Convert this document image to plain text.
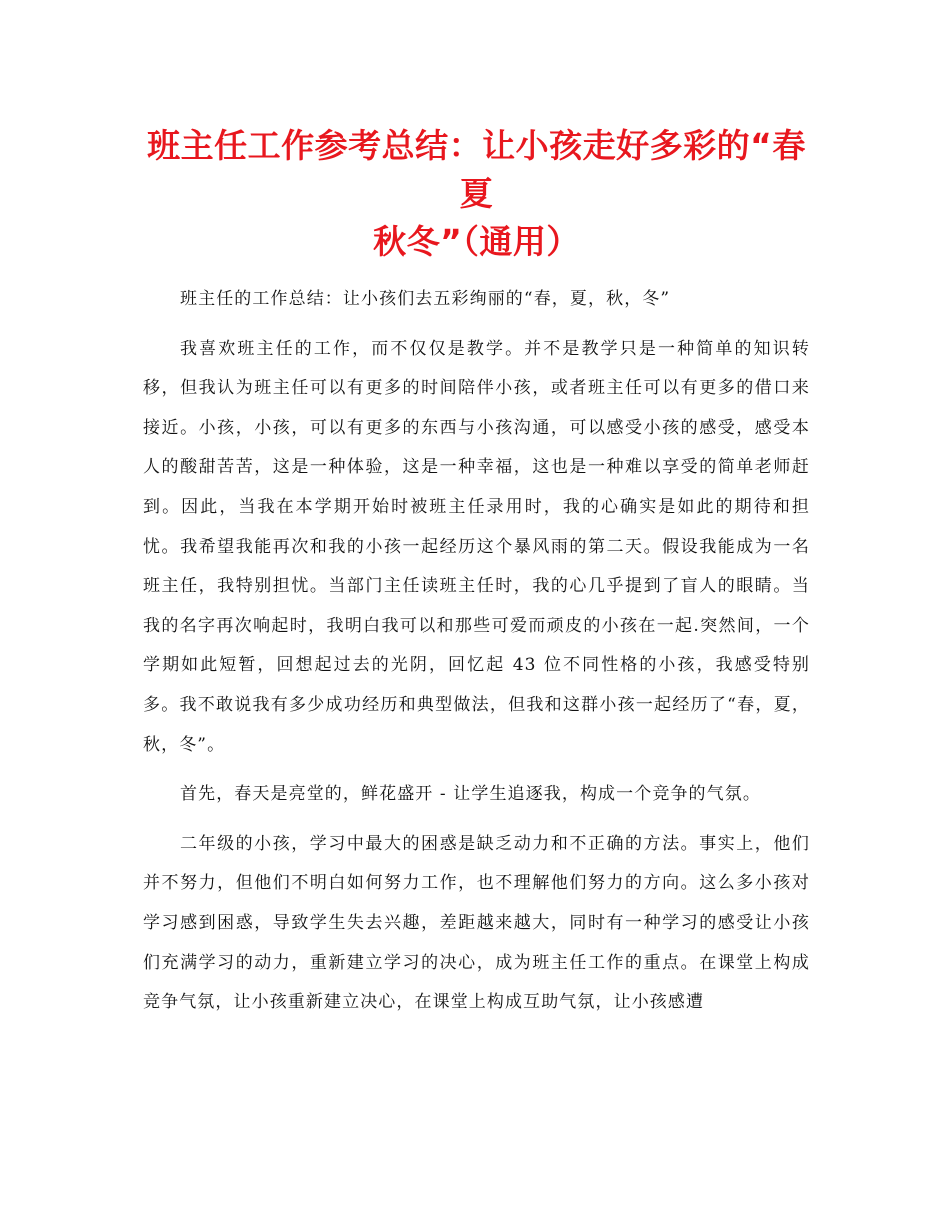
班主任工作参考总结：让小孩走好多彩的“春夏
秋冬”（通用）

班主任的工作总结：让小孩们去五彩绚丽的“春，夏，秋，冬”

我喜欢班主任的工作，而不仅仅是教学。并不是教学只是一种简单的知识转移，但我认为班主任可以有更多的时间陪伴小孩，或者班主任可以有更多的借口来接近。小孩，小孩，可以有更多的东西与小孩沟通，可以感受小孩的感受，感受本人的酸甜苦苦，这是一种体验，这是一种幸福，这也是一种难以享受的简单老师赶到。因此，当我在本学期开始时被班主任录用时，我的心确实是如此的期待和担忧。我希望我能再次和我的小孩一起经历这个暴风雨的第二天。假设我能成为一名班主任，我特别担忧。当部门主任读班主任时，我的心几乎提到了盲人的眼睛。当我的名字再次响起时，我明白我可以和那些可爱而顽皮的小孩在一起.突然间，一个学期如此短暂，回想起过去的光阴，回忆起 43 位不同性格的小孩，我感受特别多。我不敢说我有多少成功经历和典型做法，但我和这群小孩一起经历了“春，夏，秋，冬”。

首先，春天是亮堂的，鲜花盛开 - 让学生追逐我，构成一个竞争的气氛。

二年级的小孩，学习中最大的困惑是缺乏动力和不正确的方法。事实上，他们并不努力，但他们不明白如何努力工作，也不理解他们努力的方向。这么多小孩对学习感到困惑，导致学生失去兴趣，差距越来越大，同时有一种学习的感受让小孩们充满学习的动力，重新建立学习的决心，成为班主任工作的重点。在课堂上构成竞争气氛，让小孩重新建立决心，在课堂上构成互助气氛，让小孩感遭
